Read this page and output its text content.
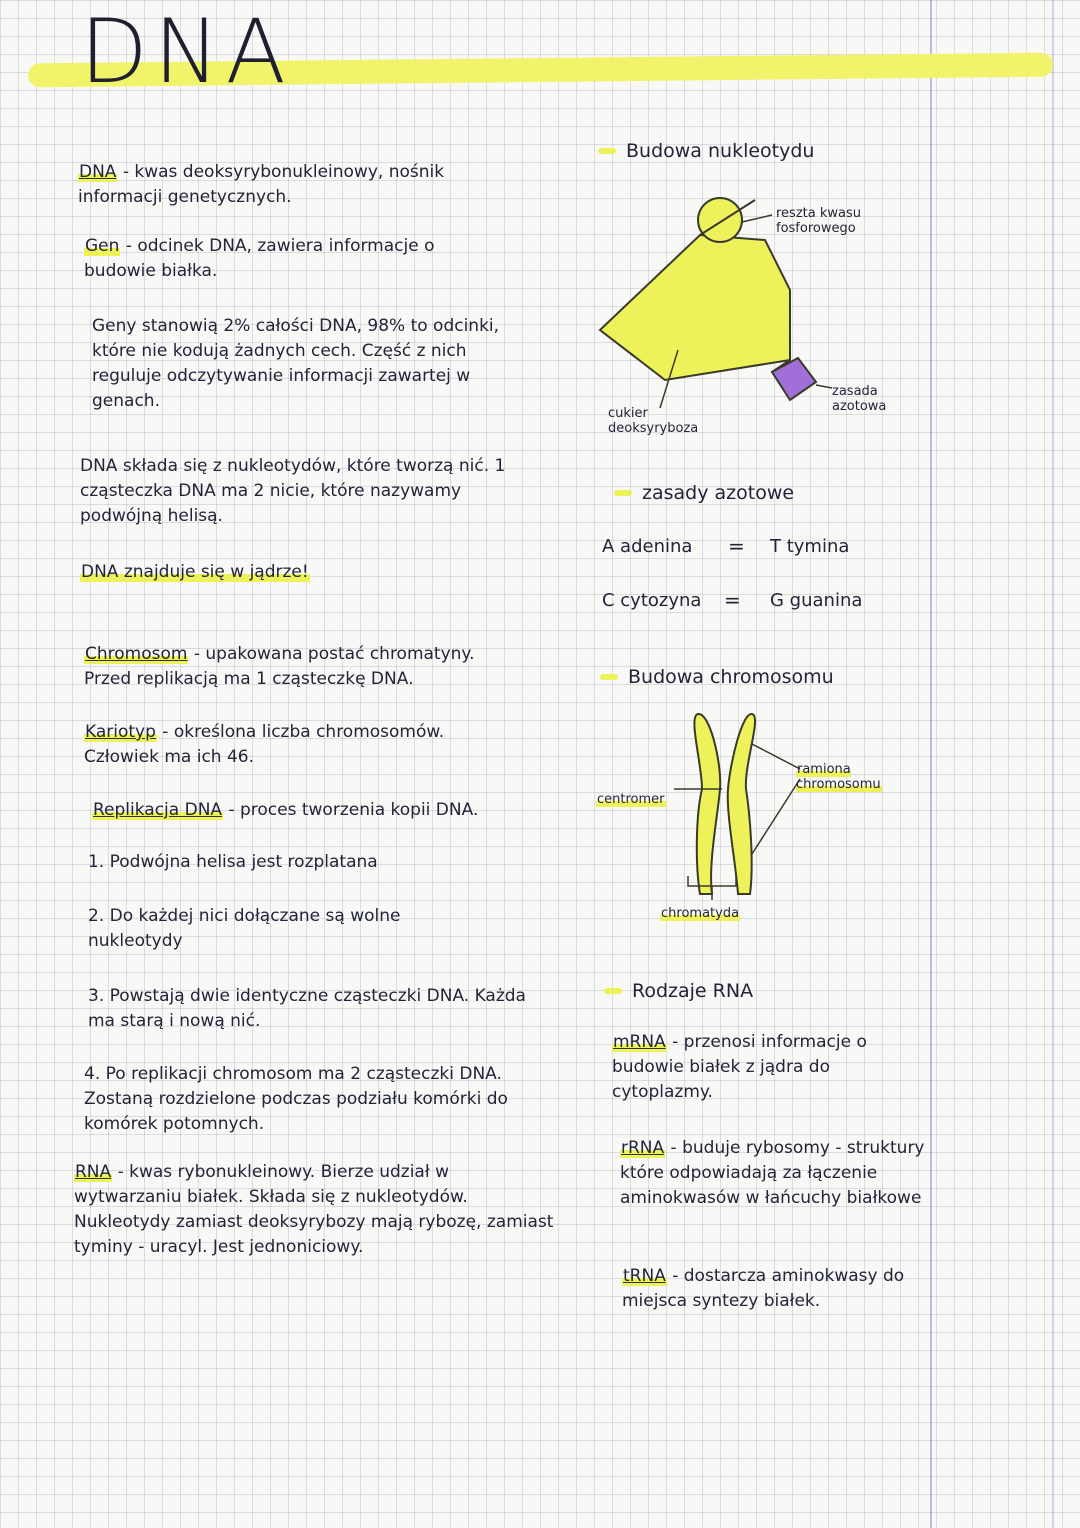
DNA

DNA - kwas deoksyrybonukleinowy, nośnik informacji genetycznych.

Gen - odcinek DNA, zawiera informacje o budowie białka.

Geny stanowią 2% całości DNA, 98% to odcinki, które nie kodują żadnych cech. Część z nich reguluje odczytywanie informacji zawartej w genach.

DNA składa się z nukleotydów, które tworzą nić. 1 cząsteczka DNA ma 2 nicie, które nazywamy podwójną helisą.

DNA znajduje się w jądrze!

Chromosom - upakowana postać chromatyny. Przed replikacją ma 1 cząsteczkę DNA.

Kariotyp - określona liczba chromosomów. Człowiek ma ich 46.

Replikacja DNA - proces tworzenia kopii DNA.

1. Podwójna helisa jest rozplatana

2. Do każdej nici dołączane są wolne nukleotydy

3. Powstają dwie identyczne cząsteczki DNA. Każda ma starą i nową nić.

4. Po replikacji chromosom ma 2 cząsteczki DNA. Zostaną rozdzielone podczas podziału komórki do komórek potomnych.

RNA - kwas rybonukleinowy. Bierze udział w wytwarzaniu białek. Składa się z nukleotydów. Nukleotydy zamiast deoksyrybozy mają rybozę, zamiast tyminy - uracyl. Jest jednoniciowy.

Budowa nukleotydu
reszta kwasu fosforowego
cukier deoksyryboza
zasada azotowa
zasady azotowe
A adenina = T tymina
C cytozyna = G guanina
Budowa chromosomu
centromer
ramiona chromosomu
chromatyda
Rodzaje RNA

mRNA - przenosi informacje o budowie białek z jądra do cytoplazmy.

rRNA - buduje rybosomy - struktury które odpowiadają za łączenie aminokwasów w łańcuchy białkowe

tRNA - dostarcza aminokwasy do miejsca syntezy białek.
